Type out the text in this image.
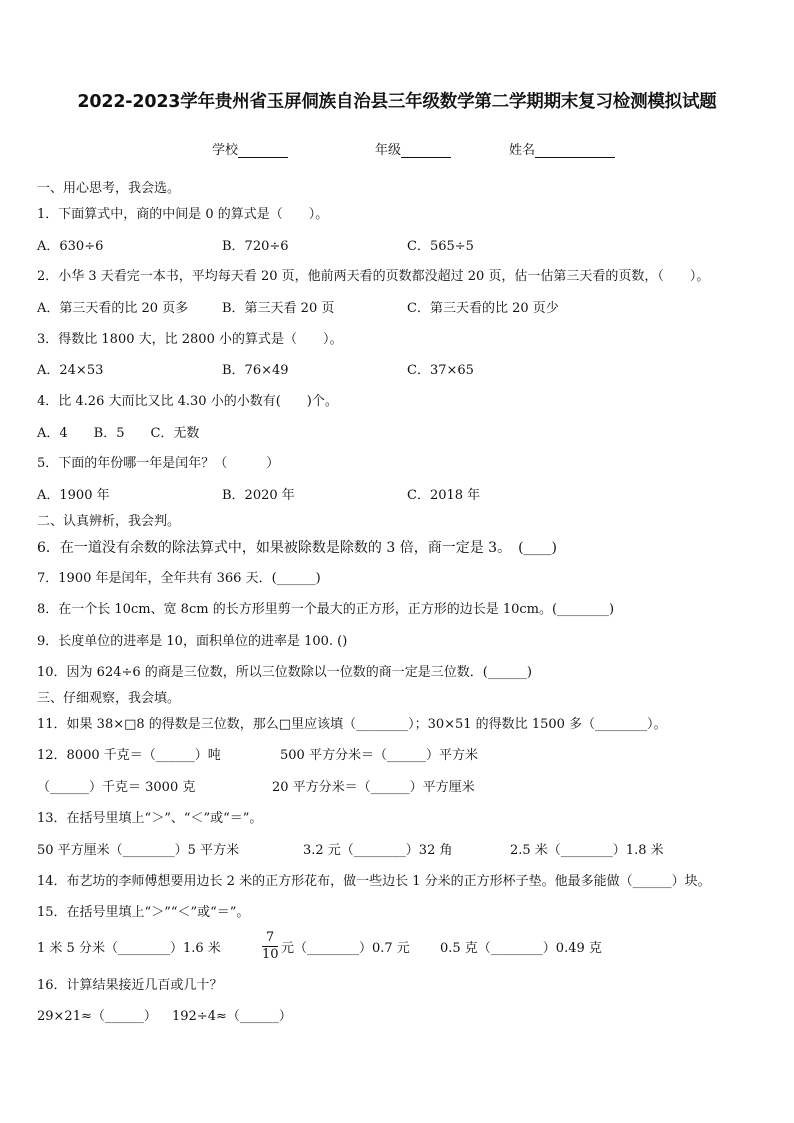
2022-2023学年贵州省玉屏侗族自治县三年级数学第二学期期末复习检测模拟试题
学校	年级	姓名
一、用心思考，我会选。
1．下面算式中，商的中间是 0 的算式是（　　）。
A．630÷6	B．720÷6	C．565÷5
2．小华 3 天看完一本书，平均每天看 20 页，他前两天看的页数都没超过 20 页，估一估第三天看的页数，（　　）。
A．第三天看的比 20 页多	B．第三天看 20 页	C．第三天看的比 20 页少
3．得数比 1800 大，比 2800 小的算式是（　　）。
A．24×53	B．76×49	C．37×65
4．比 4.26 大而比又比 4.30 小的小数有(　　)个。
A．4　　B．5　　C．无数
5．下面的年份哪一年是闰年？（　　　）
A．1900 年	B．2020 年	C．2018 年
二、认真辨析，我会判。
6．在一道没有余数的除法算式中，如果被除数是除数的 3 倍，商一定是 3。　(____)
7．1900 年是闰年，全年共有 366 天．(______)
8．在一个长 10cm、宽 8cm 的长方形里剪一个最大的正方形，正方形的边长是 10cm。(________)
9．长度单位的进率是 10，面积单位的进率是 100. ()
10．因为 624÷6 的商是三位数，所以三位数除以一位数的商一定是三位数．(______)
三、仔细观察，我会填。
11．如果 38×□8 的得数是三位数，那么□里应该填（________）；30×51 的得数比 1500 多（________）。
12．8000 千克＝（______）吨	500 平方分米＝（______）平方米
（______）千克＝ 3000 克	20 平方分米＝（______）平方厘米
13．在括号里填上“＞”、“＜”或“＝”。
50 平方厘米（________）5 平方米	3.2 元（________）32 角	2.5 米（________）1.8 米
14．布艺坊的李师傅想要用边长 2 米的正方形花布，做一些边长 1 分米的正方形杯子垫。他最多能做（______）块。
15．在括号里填上“＞”“＜”或“＝”。
1 米 5 分米（________）1.6 米	$\frac{7}{10}$ 元（________）0.7 元 0.5 克（________）0.49 克
16．计算结果接近几百或几十？
29×21≈（______） 192÷4≈（______）
